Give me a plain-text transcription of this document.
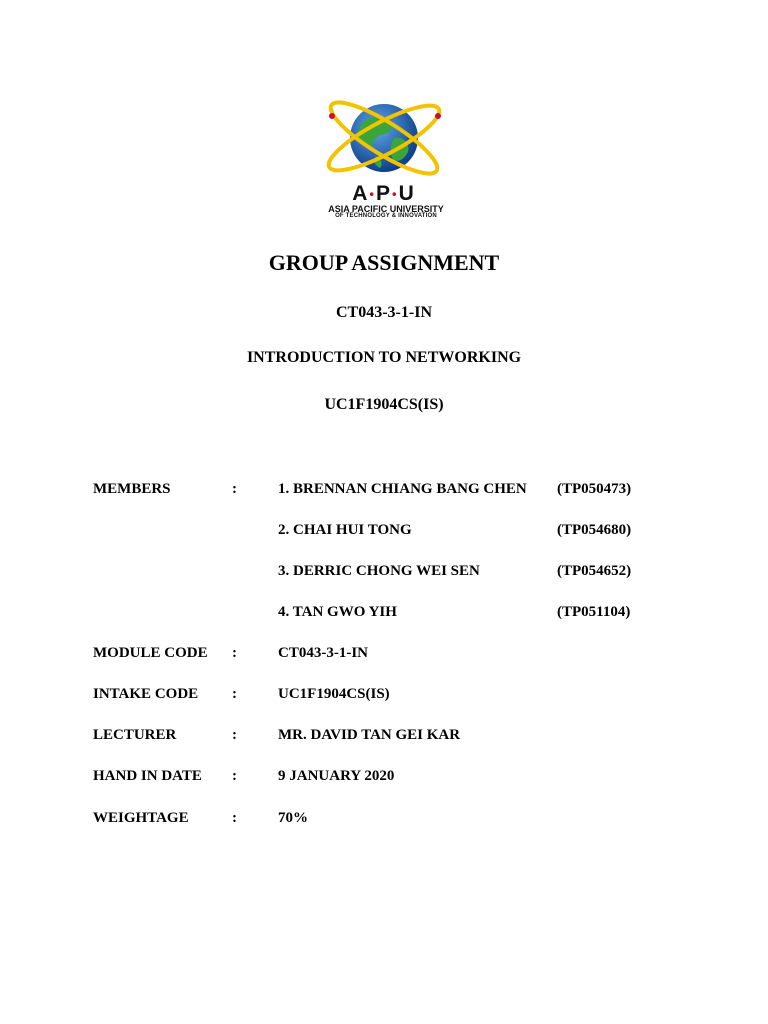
A•P•U
ASIA PACIFIC UNIVERSITY
OF TECHNOLOGY & INNOVATION
GROUP ASSIGNMENT
CT043-3-1-IN
INTRODUCTION TO NETWORKING
UC1F1904CS(IS)
MEMBERS	:	1. BRENNAN CHIANG BANG CHEN (TP050473)
2. CHAI HUI TONG	(TP054680)
3. DERRIC CHONG WEI SEN	(TP054652)
4. TAN GWO YIH	(TP051104)
MODULE CODE :	CT043-3-1-IN
INTAKE CODE :	UC1F1904CS(IS)
LECTURER	:	MR. DAVID TAN GEI KAR
HAND IN DATE :	9 JANUARY 2020
WEIGHTAGE	:	70%
